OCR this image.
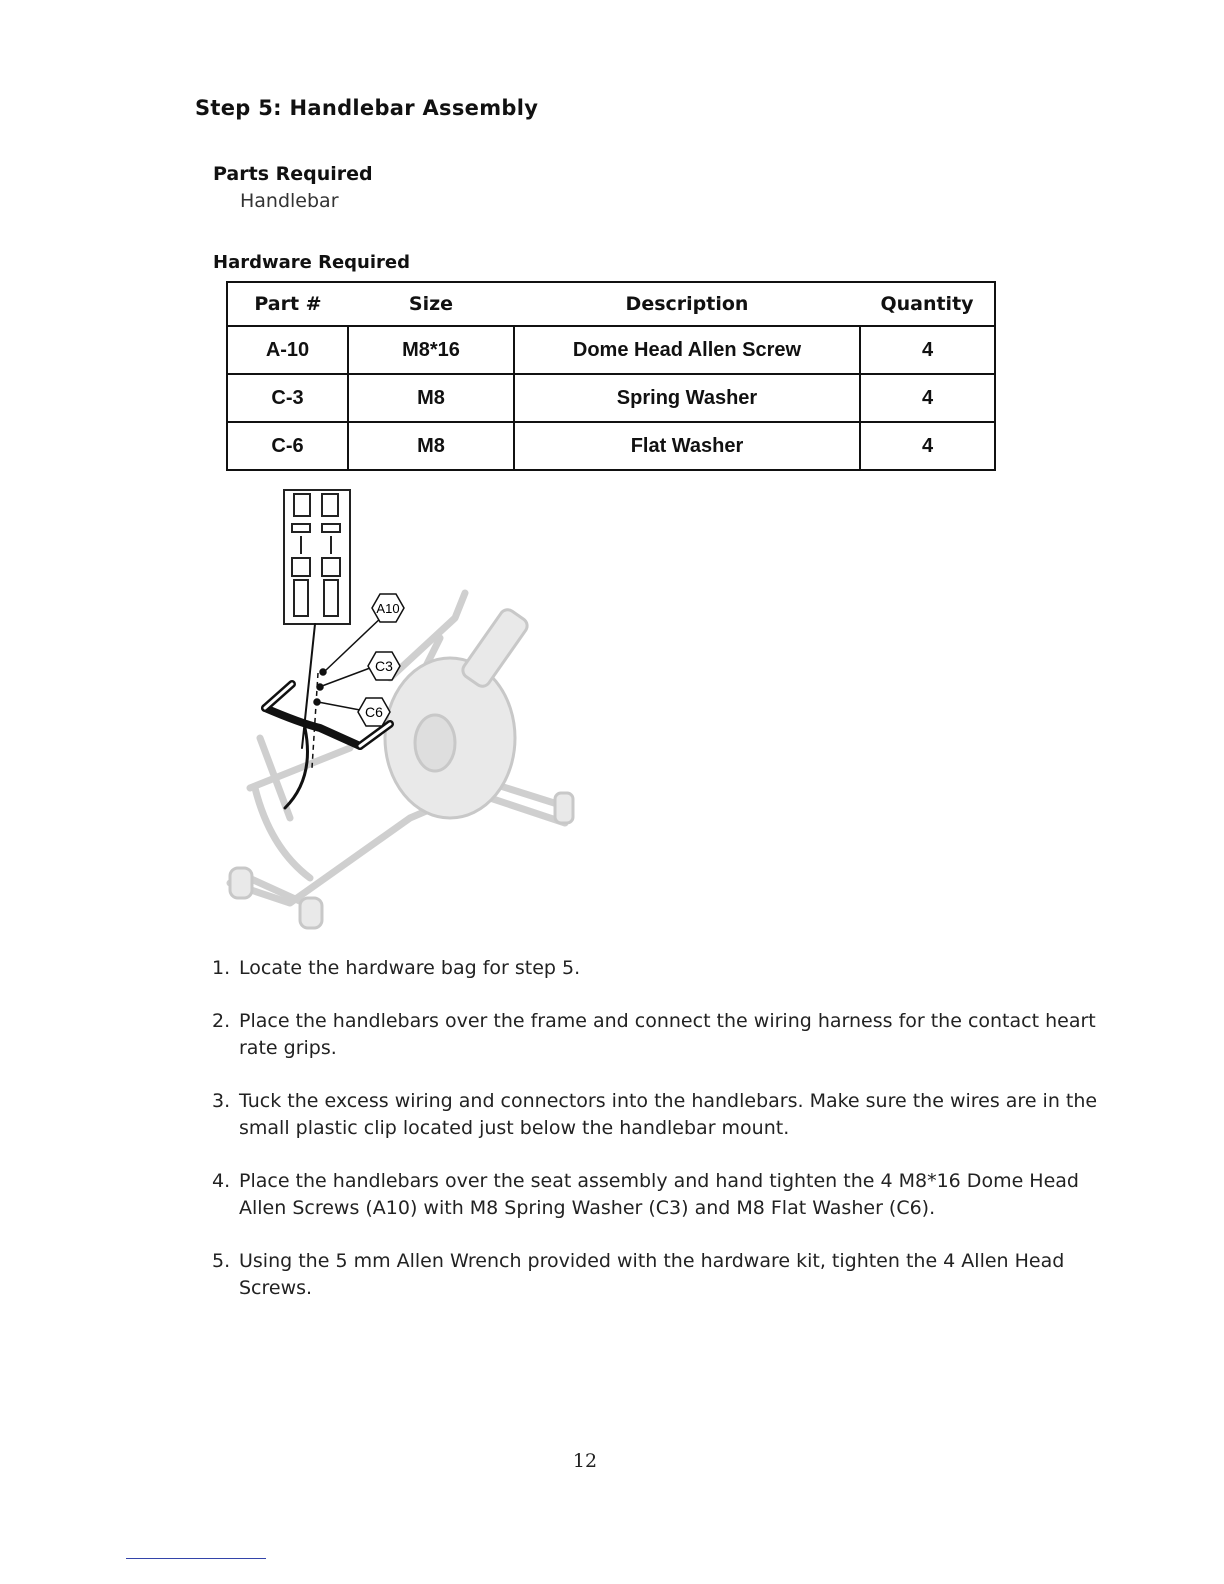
Step 5: Handlebar Assembly
Parts Required
Handlebar
Hardware Required
Part #	Size	Description	Quantity
A-10	M8*16	Dome Head Allen Screw	4
C-3	M8	Spring Washer	4
C-6	M8	Flat Washer	4
A10
C3
C6
1. Locate the hardware bag for step 5.
2. Place the handlebars over the frame and connect the wiring harness for the contact heart rate grips.
3. Tuck the excess wiring and connectors into the handlebars. Make sure the wires are in the small plastic clip located just below the handlebar mount.
4. Place the handlebars over the seat assembly and hand tighten the 4 M8*16 Dome Head Allen Screws (A10) with M8 Spring Washer (C3) and M8 Flat Washer (C6).
5. Using the 5 mm Allen Wrench provided with the hardware kit, tighten the 4 Allen Head Screws.
12
